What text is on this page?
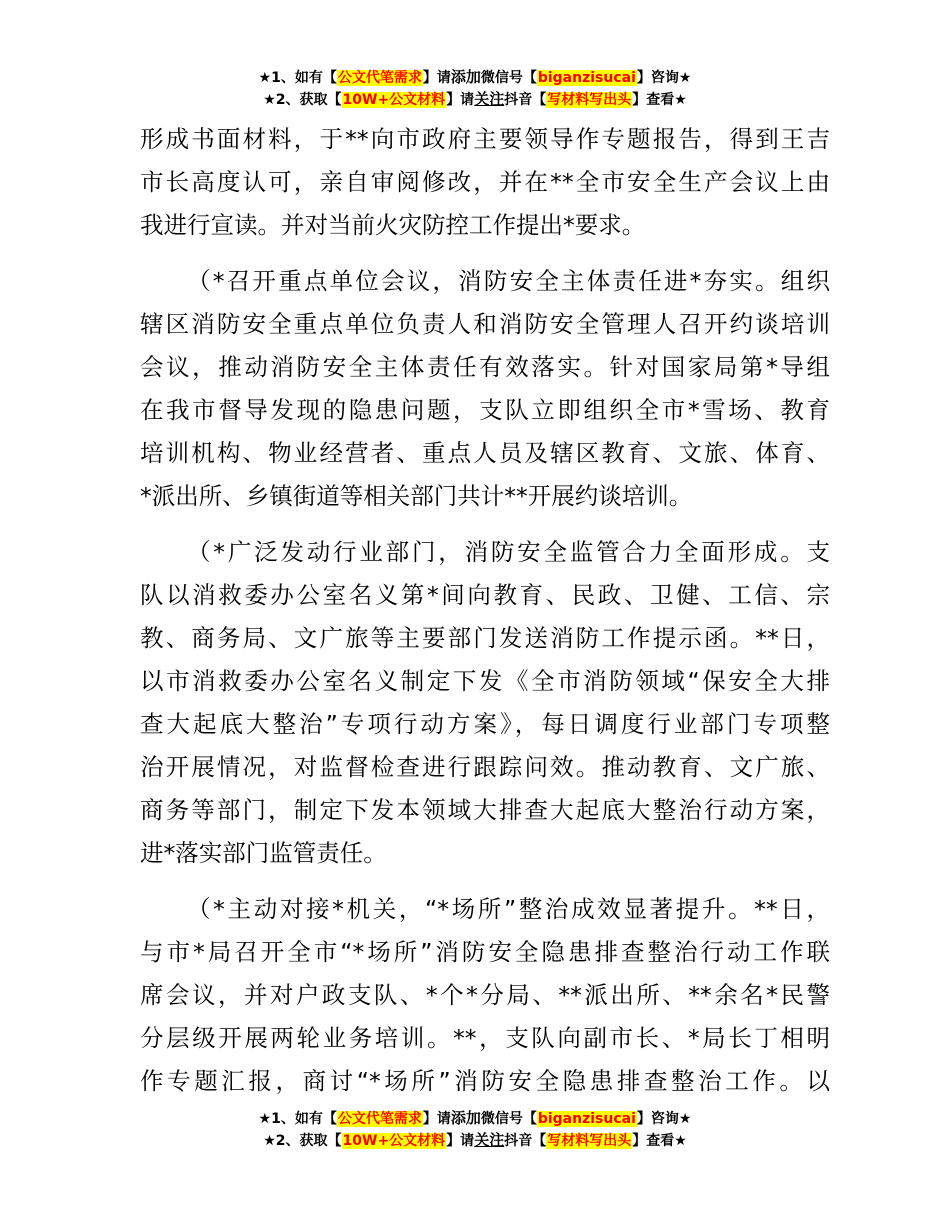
★1、如有【公文代笔需求】请添加微信号【biganzisucai】咨询★
★2、获取【10W+公文材料】请关注抖音【写材料写出头】查看★

形成书面材料，于**向市政府主要领导作专题报告，得到王吉
市长高度认可，亲自审阅修改，并在**全市安全生产会议上由
我进行宣读。并对当前火灾防控工作提出*要求。

（*召开重点单位会议，消防安全主体责任进*夯实。组织
辖区消防安全重点单位负责人和消防安全管理人召开约谈培训
会议，推动消防安全主体责任有效落实。针对国家局第*导组
在我市督导发现的隐患问题，支队立即组织全市*雪场、教育
培训机构、物业经营者、重点人员及辖区教育、文旅、体育、
*派出所、乡镇街道等相关部门共计**开展约谈培训。

（*广泛发动行业部门，消防安全监管合力全面形成。支
队以消救委办公室名义第*间向教育、民政、卫健、工信、宗
教、商务局、文广旅等主要部门发送消防工作提示函。**日，
以市消救委办公室名义制定下发《全市消防领域“保安全大排
查大起底大整治”专项行动方案》，每日调度行业部门专项整
治开展情况，对监督检查进行跟踪问效。推动教育、文广旅、
商务等部门，制定下发本领域大排查大起底大整治行动方案，
进*落实部门监管责任。

（*主动对接*机关，“*场所”整治成效显著提升。**日，
与市*局召开全市“*场所”消防安全隐患排查整治行动工作联
席会议，并对户政支队、*个*分局、**派出所、**余名*民警
分层级开展两轮业务培训。**，支队向副市长、*局长丁相明
作专题汇报，商讨“*场所”消防安全隐患排查整治工作。以

★1、如有【公文代笔需求】请添加微信号【biganzisucai】咨询★
★2、获取【10W+公文材料】请关注抖音【写材料写出头】查看★
